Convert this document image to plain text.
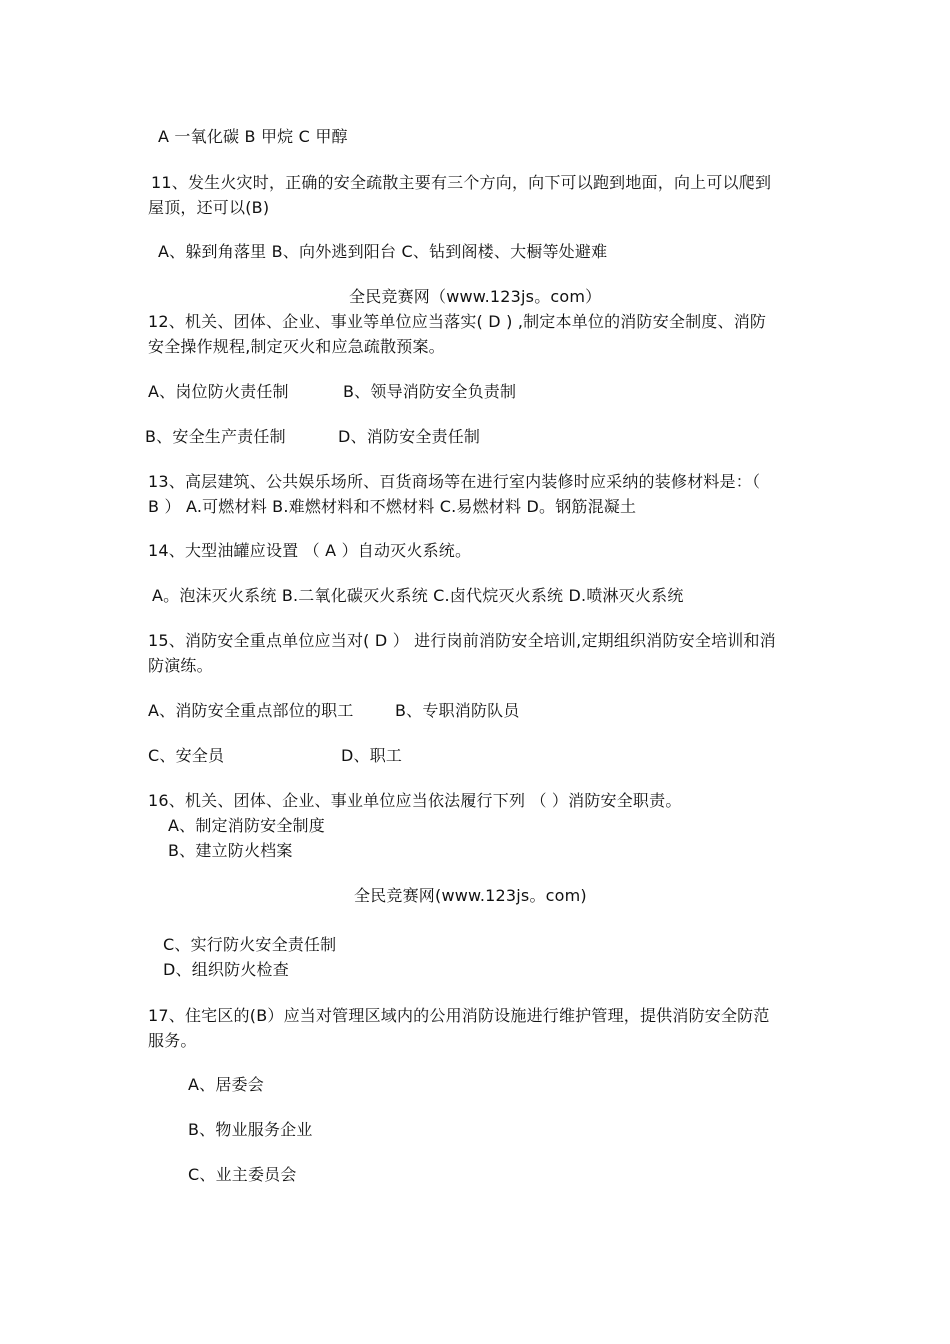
A 一氧化碳 B 甲烷 C 甲醇
11、发生火灾时，正确的安全疏散主要有三个方向，向下可以跑到地面，向上可以爬到
屋顶，还可以(B)
A、躲到角落里 B、向外逃到阳台 C、钻到阁楼、大橱等处避难
全民竞赛网（www.123js。com）
12、机关、团体、企业、事业等单位应当落实( D ) ,制定本单位的消防安全制度、消防
安全操作规程,制定灭火和应急疏散预案。
A、岗位防火责任制	B、领导消防安全负责制
B、安全生产责任制	D、消防安全责任制
13、高层建筑、公共娱乐场所、百货商场等在进行室内装修时应采纳的装修材料是：（
B ） A.可燃材料 B.难燃材料和不燃材料 C.易燃材料 D。钢筋混凝土
14、大型油罐应设置 （ A ）自动灭火系统。
A。泡沫灭火系统 B.二氧化碳灭火系统 C.卤代烷灭火系统 D.喷淋灭火系统
15、消防安全重点单位应当对( D ） 进行岗前消防安全培训,定期组织消防安全培训和消
防演练。
A、消防安全重点部位的职工	B、专职消防队员
C、安全员	D、职工
16、机关、团体、企业、事业单位应当依法履行下列 （ ）消防安全职责。
A、制定消防安全制度
B、建立防火档案
全民竞赛网(www.123js。com)
C、实行防火安全责任制
D、组织防火检查
17、住宅区的(B）应当对管理区域内的公用消防设施进行维护管理，提供消防安全防范
服务。
A、居委会
B、物业服务企业
C、业主委员会
